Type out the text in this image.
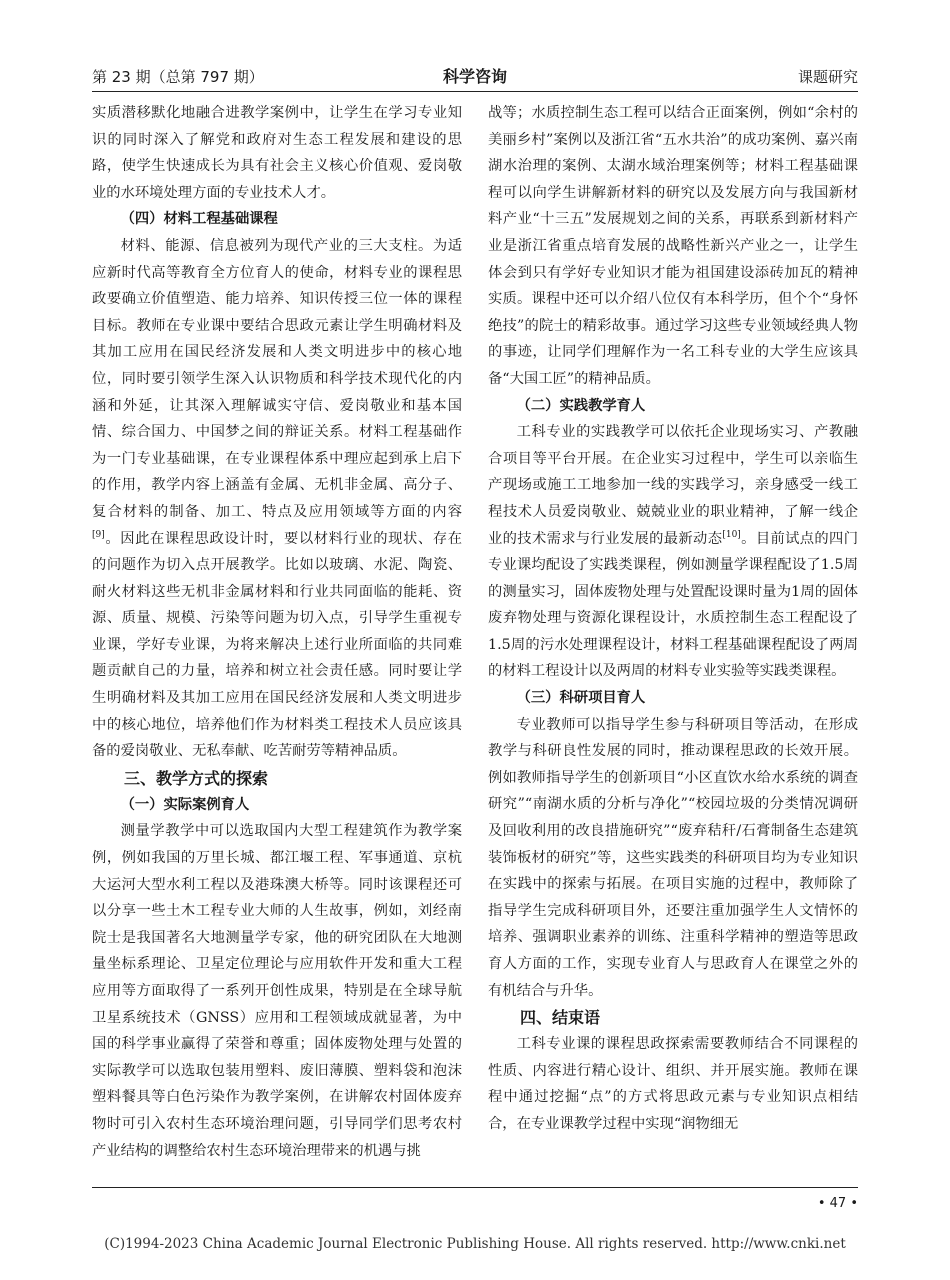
第 23 期（总第 797 期）	科学咨询	课题研究

实质潜移默化地融合进教学案例中，让学生在学习专业知识的同时深入了解党和政府对生态工程发展和建设的思路，使学生快速成长为具有社会主义核心价值观、爱岗敬业的水环境处理方面的专业技术人才。

（四）材料工程基础课程

材料、能源、信息被列为现代产业的三大支柱。为适应新时代高等教育全方位育人的使命，材料专业的课程思政要确立价值塑造、能力培养、知识传授三位一体的课程目标。教师在专业课中要结合思政元素让学生明确材料及其加工应用在国民经济发展和人类文明进步中的核心地位，同时要引领学生深入认识物质和科学技术现代化的内涵和外延，让其深入理解诚实守信、爱岗敬业和基本国情、综合国力、中国梦之间的辩证关系。材料工程基础作为一门专业基础课，在专业课程体系中理应起到承上启下的作用，教学内容上涵盖有金属、无机非金属、高分子、复合材料的制备、加工、特点及应用领域等方面的内容[9]。因此在课程思政设计时，要以材料行业的现状、存在的问题作为切入点开展教学。比如以玻璃、水泥、陶瓷、耐火材料这些无机非金属材料和行业共同面临的能耗、资源、质量、规模、污染等问题为切入点，引导学生重视专业课，学好专业课，为将来解决上述行业所面临的共同难题贡献自己的力量，培养和树立社会责任感。同时要让学生明确材料及其加工应用在国民经济发展和人类文明进步中的核心地位，培养他们作为材料类工程技术人员应该具备的爱岗敬业、无私奉献、吃苦耐劳等精神品质。

三、教学方式的探索
（一）实际案例育人

测量学教学中可以选取国内大型工程建筑作为教学案例，例如我国的万里长城、都江堰工程、军事通道、京杭大运河大型水利工程以及港珠澳大桥等。同时该课程还可以分享一些土木工程专业大师的人生故事，例如，刘经南院士是我国著名大地测量学专家，他的研究团队在大地测量坐标系理论、卫星定位理论与应用软件开发和重大工程应用等方面取得了一系列开创性成果，特别是在全球导航卫星系统技术（GNSS）应用和工程领域成就显著，为中国的科学事业赢得了荣誉和尊重；固体废物处理与处置的实际教学可以选取包装用塑料、废旧薄膜、塑料袋和泡沫塑料餐具等白色污染作为教学案例，在讲解农村固体废弃物时可引入农村生态环境治理问题，引导同学们思考农村产业结构的调整给农村生态环境治理带来的机遇与挑

战等；水质控制生态工程可以结合正面案例，例如“余村的美丽乡村”案例以及浙江省“五水共治”的成功案例、嘉兴南湖水治理的案例、太湖水域治理案例等；材料工程基础课程可以向学生讲解新材料的研究以及发展方向与我国新材料产业“十三五”发展规划之间的关系，再联系到新材料产业是浙江省重点培育发展的战略性新兴产业之一，让学生体会到只有学好专业知识才能为祖国建设添砖加瓦的精神实质。课程中还可以介绍八位仅有本科学历，但个个“身怀绝技”的院士的精彩故事。通过学习这些专业领域经典人物的事迹，让同学们理解作为一名工科专业的大学生应该具备“大国工匠”的精神品质。

（二）实践教学育人

工科专业的实践教学可以依托企业现场实习、产教融合项目等平台开展。在企业实习过程中，学生可以亲临生产现场或施工工地参加一线的实践学习，亲身感受一线工程技术人员爱岗敬业、兢兢业业的职业精神，了解一线企业的技术需求与行业发展的最新动态[10]。目前试点的四门专业课均配设了实践类课程，例如测量学课程配设了1.5周的测量实习，固体废物处理与处置配设课时量为1周的固体废弃物处理与资源化课程设计，水质控制生态工程配设了1.5周的污水处理课程设计，材料工程基础课程配设了两周的材料工程设计以及两周的材料专业实验等实践类课程。

（三）科研项目育人

专业教师可以指导学生参与科研项目等活动，在形成教学与科研良性发展的同时，推动课程思政的长效开展。例如教师指导学生的创新项目“小区直饮水给水系统的调查研究”“南湖水质的分析与净化”“校园垃圾的分类情况调研及回收利用的改良措施研究”“废弃秸秆/石膏制备生态建筑装饰板材的研究”等，这些实践类的科研项目均为专业知识在实践中的探索与拓展。在项目实施的过程中，教师除了指导学生完成科研项目外，还要注重加强学生人文情怀的培养、强调职业素养的训练、注重科学精神的塑造等思政育人方面的工作，实现专业育人与思政育人在课堂之外的有机结合与升华。

四、结束语

工科专业课的课程思政探索需要教师结合不同课程的性质、内容进行精心设计、组织、并开展实施。教师在课程中通过挖掘“点”的方式将思政元素与专业知识点相结合，在专业课教学过程中实现“润物细无

• 47 •
(C)1994-2023 China Academic Journal Electronic Publishing House. All rights reserved. http://www.cnki.net
